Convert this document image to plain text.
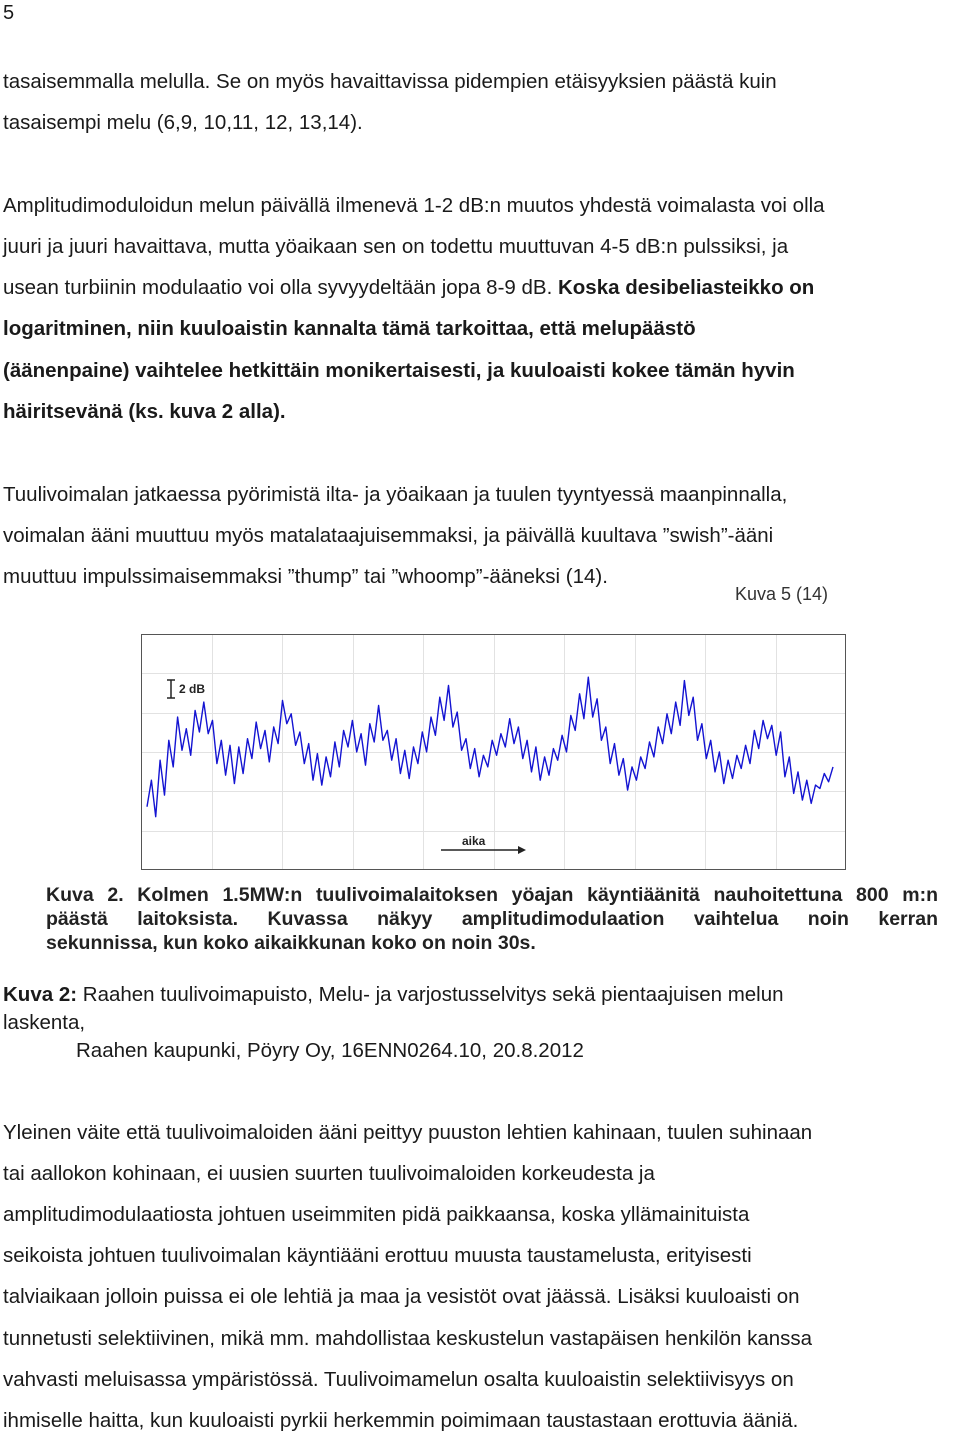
5
tasaisemmalla melulla. Se on myös havaittavissa pidempien etäisyyksien päästä kuin
tasaisempi melu (6,9, 10,11, 12, 13,14).
Amplitudimoduloidun melun päivällä ilmenevä 1-2 dB:n muutos yhdestä voimalasta voi olla
juuri ja juuri havaittava, mutta yöaikaan sen on todettu muuttuvan 4-5 dB:n pulssiksi, ja
usean turbiinin modulaatio voi olla syvyydeltään jopa 8-9 dB. Koska desibeliasteikko on
logaritminen, niin kuuloaistin kannalta tämä tarkoittaa, että melupäästö
(äänenpaine) vaihtelee hetkittäin monikertaisesti, ja kuuloaisti kokee tämän hyvin
häiritsevänä (ks. kuva 2 alla).
Tuulivoimalan jatkaessa pyörimistä ilta- ja yöaikaan ja tuulen tyyntyessä maanpinnalla,
voimalan ääni muuttuu myös matalataajuisemmaksi, ja päivällä kuultava ”swish”-ääni
muuttuu impulssimaisemmaksi ”thump” tai ”whoomp”-ääneksi (14).
Kuva 5 (14)
2 dB
aika
Kuva 2. Kolmen 1.5MW:n tuulivoimalaitoksen yöajan käyntiäänitä nauhoitettuna 800 m:n
päästä laitoksista. Kuvassa näkyy amplitudimodulaation vaihtelua noin kerran
sekunnissa, kun koko aikaikkunan koko on noin 30s.
Kuva 2: Raahen tuulivoimapuisto, Melu- ja varjostusselvitys sekä pientaajuisen melun
laskenta,
Raahen kaupunki, Pöyry Oy, 16ENN0264.10, 20.8.2012
Yleinen väite että tuulivoimaloiden ääni peittyy puuston lehtien kahinaan, tuulen suhinaan
tai aallokon kohinaan, ei uusien suurten tuulivoimaloiden korkeudesta ja
amplitudimodulaatiosta johtuen useimmiten pidä paikkaansa, koska yllämainituista
seikoista johtuen tuulivoimalan käyntiääni erottuu muusta taustamelusta, erityisesti
talviaikaan jolloin puissa ei ole lehtiä ja maa ja vesistöt ovat jäässä. Lisäksi kuuloaisti on
tunnetusti selektiivinen, mikä mm. mahdollistaa keskustelun vastapäisen henkilön kanssa
vahvasti meluisassa ympäristössä. Tuulivoimamelun osalta kuuloaistin selektiivisyys on
ihmiselle haitta, kun kuuloaisti pyrkii herkemmin poimimaan taustastaan erottuvia ääniä.
